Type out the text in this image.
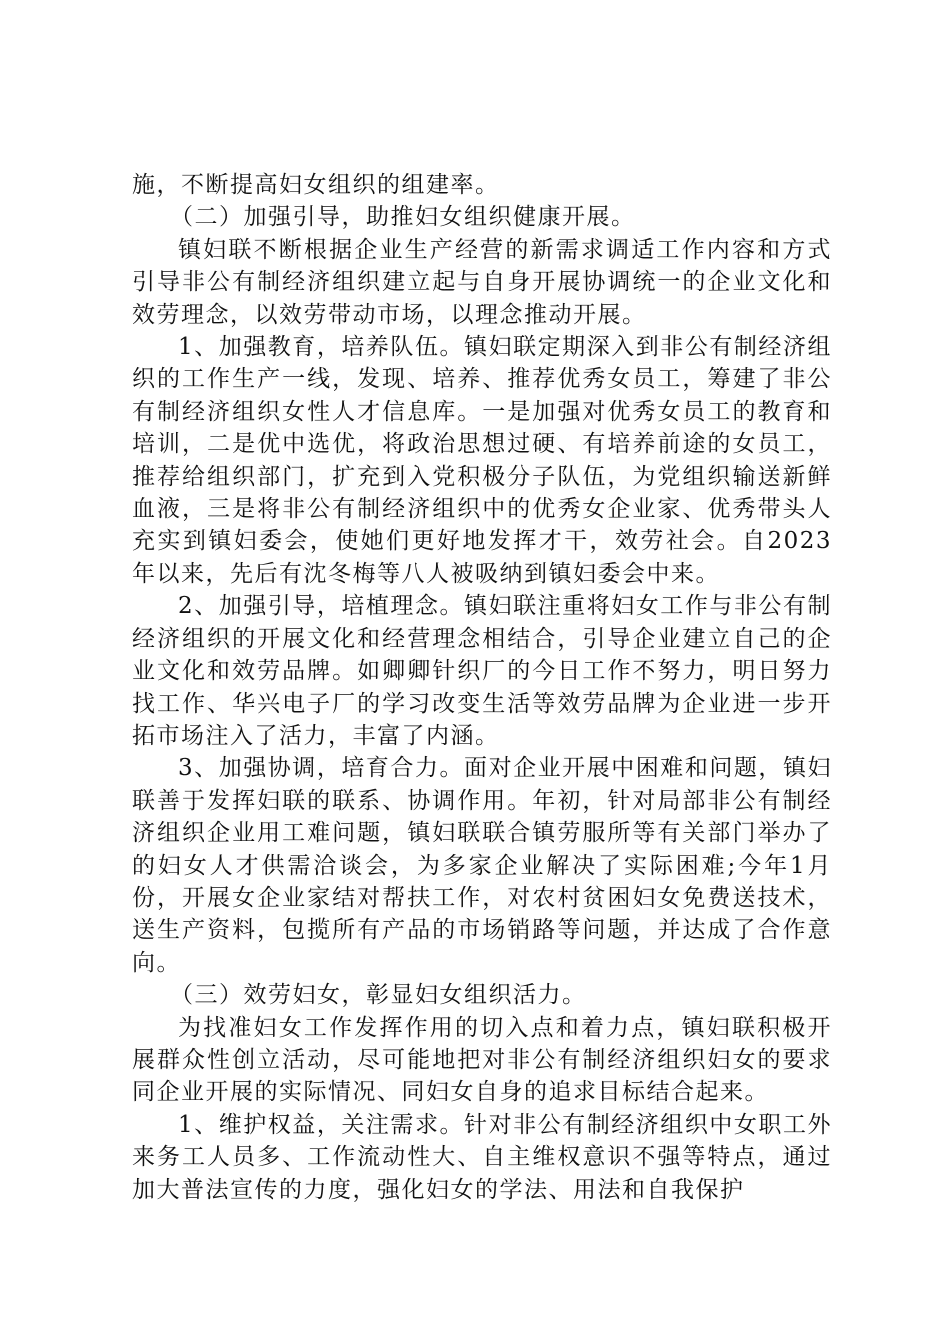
施，不断提高妇女组织的组建率。

（二）加强引导，助推妇女组织健康开展。

镇妇联不断根据企业生产经营的新需求调适工作内容和方式引导非公有制经济组织建立起与自身开展协调统一的企业文化和效劳理念，以效劳带动市场，以理念推动开展。

1、加强教育，培养队伍。镇妇联定期深入到非公有制经济组织的工作生产一线，发现、培养、推荐优秀女员工，筹建了非公有制经济组织女性人才信息库。一是加强对优秀女员工的教育和培训，二是优中选优，将政治思想过硬、有培养前途的女员工，推荐给组织部门，扩充到入党积极分子队伍，为党组织输送新鲜血液，三是将非公有制经济组织中的优秀女企业家、优秀带头人充实到镇妇委会，使她们更好地发挥才干，效劳社会。自2023年以来，先后有沈冬梅等八人被吸纳到镇妇委会中来。

2、加强引导，培植理念。镇妇联注重将妇女工作与非公有制经济组织的开展文化和经营理念相结合，引导企业建立自己的企业文化和效劳品牌。如卿卿针织厂的今日工作不努力，明日努力找工作、华兴电子厂的学习改变生活等效劳品牌为企业进一步开拓市场注入了活力，丰富了内涵。

3、加强协调，培育合力。面对企业开展中困难和问题，镇妇联善于发挥妇联的联系、协调作用。年初，针对局部非公有制经济组织企业用工难问题，镇妇联联合镇劳服所等有关部门举办了的妇女人才供需洽谈会，为多家企业解决了实际困难;今年1月份，开展女企业家结对帮扶工作，对农村贫困妇女免费送技术，送生产资料，包揽所有产品的市场销路等问题，并达成了合作意向。

（三）效劳妇女，彰显妇女组织活力。

为找准妇女工作发挥作用的切入点和着力点，镇妇联积极开展群众性创立活动，尽可能地把对非公有制经济组织妇女的要求同企业开展的实际情况、同妇女自身的追求目标结合起来。

1、维护权益，关注需求。针对非公有制经济组织中女职工外来务工人员多、工作流动性大、自主维权意识不强等特点，通过加大普法宣传的力度，强化妇女的学法、用法和自我保护
